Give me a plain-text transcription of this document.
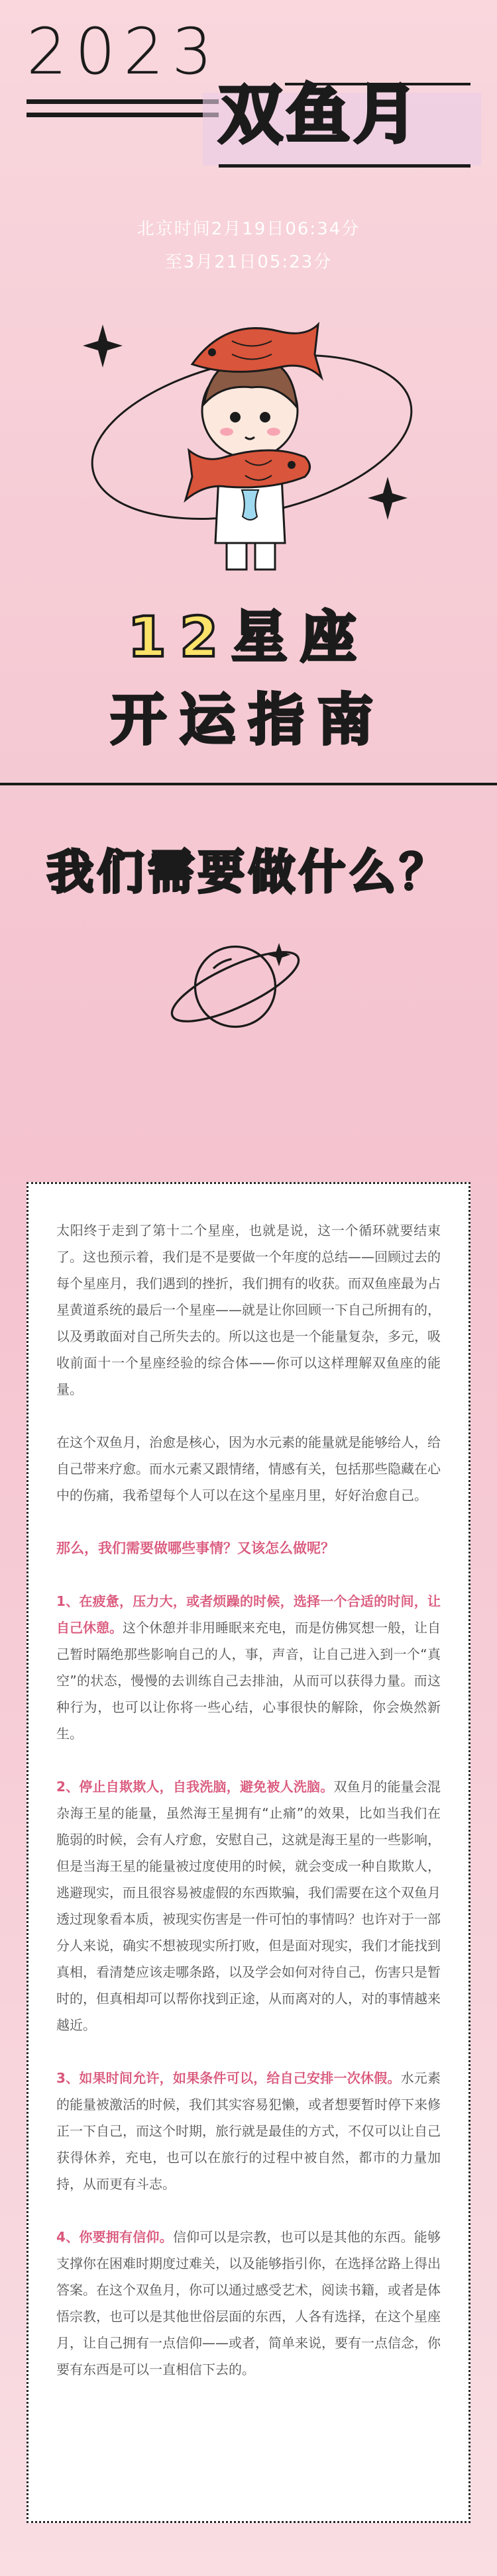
2023
双鱼月
北京时间2月19日06:34分
至3月21日05:23分
12星座
开运指南
我们需要做什么？

太阳终于走到了第十二个星座，也就是说，这一个循环就要结束了。这也预示着，我们是不是要做一个年度的总结——回顾过去的每个星座月，我们遇到的挫折，我们拥有的收获。而双鱼座最为占星黄道系统的最后一个星座——就是让你回顾一下自己所拥有的，以及勇敢面对自己所失去的。所以这也是一个能量复杂，多元，吸收前面十一个星座经验的综合体——你可以这样理解双鱼座的能量。

在这个双鱼月，治愈是核心，因为水元素的能量就是能够给人，给自己带来疗愈。而水元素又跟情绪，情感有关，包括那些隐藏在心中的伤痛，我希望每个人可以在这个星座月里，好好治愈自己。

那么，我们需要做哪些事情？又该怎么做呢？

1、在疲惫，压力大，或者烦躁的时候，选择一个合适的时间，让自己休憩。这个休憩并非用睡眠来充电，而是仿佛冥想一般，让自己暂时隔绝那些影响自己的人，事，声音，让自己进入到一个“真空”的状态，慢慢的去训练自己去排油，从而可以获得力量。而这种行为，也可以让你将一些心结，心事很快的解除，你会焕然新生。

2、停止自欺欺人，自我洗脑，避免被人洗脑。双鱼月的能量会混杂海王星的能量，虽然海王星拥有“止痛”的效果，比如当我们在脆弱的时候，会有人疗愈，安慰自己，这就是海王星的一些影响，但是当海王星的能量被过度使用的时候，就会变成一种自欺欺人，逃避现实，而且很容易被虚假的东西欺骗，我们需要在这个双鱼月透过现象看本质，被现实伤害是一件可怕的事情吗？也许对于一部分人来说，确实不想被现实所打败，但是面对现实，我们才能找到真相，看清楚应该走哪条路，以及学会如何对待自己，伤害只是暂时的，但真相却可以帮你找到正途，从而离对的人，对的事情越来越近。

3、如果时间允许，如果条件可以，给自己安排一次休假。水元素的能量被激活的时候，我们其实容易犯懒，或者想要暂时停下来修正一下自己，而这个时期，旅行就是最佳的方式，不仅可以让自己获得休养，充电，也可以在旅行的过程中被自然，都市的力量加持，从而更有斗志。

4、你要拥有信仰。信仰可以是宗教，也可以是其他的东西。能够支撑你在困难时期度过难关，以及能够指引你，在选择岔路上得出答案。在这个双鱼月，你可以通过感受艺术，阅读书籍，或者是体悟宗教，也可以是其他世俗层面的东西，人各有选择，在这个星座月，让自己拥有一点信仰——或者，简单来说，要有一点信念，你要有东西是可以一直相信下去的。
